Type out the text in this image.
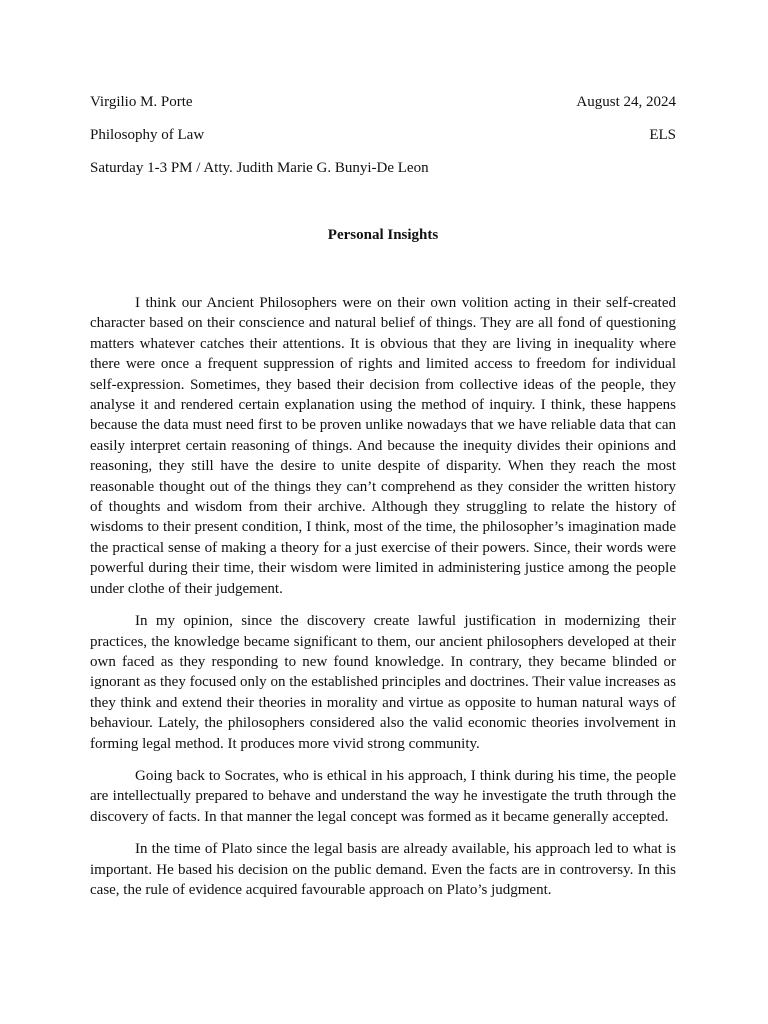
Virgilio M. Porte	August 24, 2024
Philosophy of Law	ELS
Saturday 1-3 PM / Atty. Judith Marie G. Bunyi-De Leon
Personal Insights

I think our Ancient Philosophers were on their own volition acting in their self-created character based on their conscience and natural belief of things. They are all fond of questioning matters whatever catches their attentions. It is obvious that they are living in inequality where there were once a frequent suppression of rights and limited access to freedom for individual self-expression. Sometimes, they based their decision from collective ideas of the people, they analyse it and rendered certain explanation using the method of inquiry. I think, these happens because the data must need first to be proven unlike nowadays that we have reliable data that can easily interpret certain reasoning of things. And because the inequity divides their opinions and reasoning, they still have the desire to unite despite of disparity. When they reach the most reasonable thought out of the things they can’t comprehend as they consider the written history of thoughts and wisdom from their archive. Although they struggling to relate the history of wisdoms to their present condition, I think, most of the time, the philosopher’s imagination made the practical sense of making a theory for a just exercise of their powers. Since, their words were powerful during their time, their wisdom were limited in administering justice among the people under clothe of their judgement.

In my opinion, since the discovery create lawful justification in modernizing their practices, the knowledge became significant to them, our ancient philosophers developed at their own faced as they responding to new found knowledge. In contrary, they became blinded or ignorant as they focused only on the established principles and doctrines. Their value increases as they think and extend their theories in morality and virtue as opposite to human natural ways of behaviour. Lately, the philosophers considered also the valid economic theories involvement in forming legal method. It produces more vivid strong community.

Going back to Socrates, who is ethical in his approach, I think during his time, the people are intellectually prepared to behave and understand the way he investigate the truth through the discovery of facts. In that manner the legal concept was formed as it became generally accepted.

In the time of Plato since the legal basis are already available, his approach led to what is important. He based his decision on the public demand. Even the facts are in controversy. In this case, the rule of evidence acquired favourable approach on Plato’s judgment.
